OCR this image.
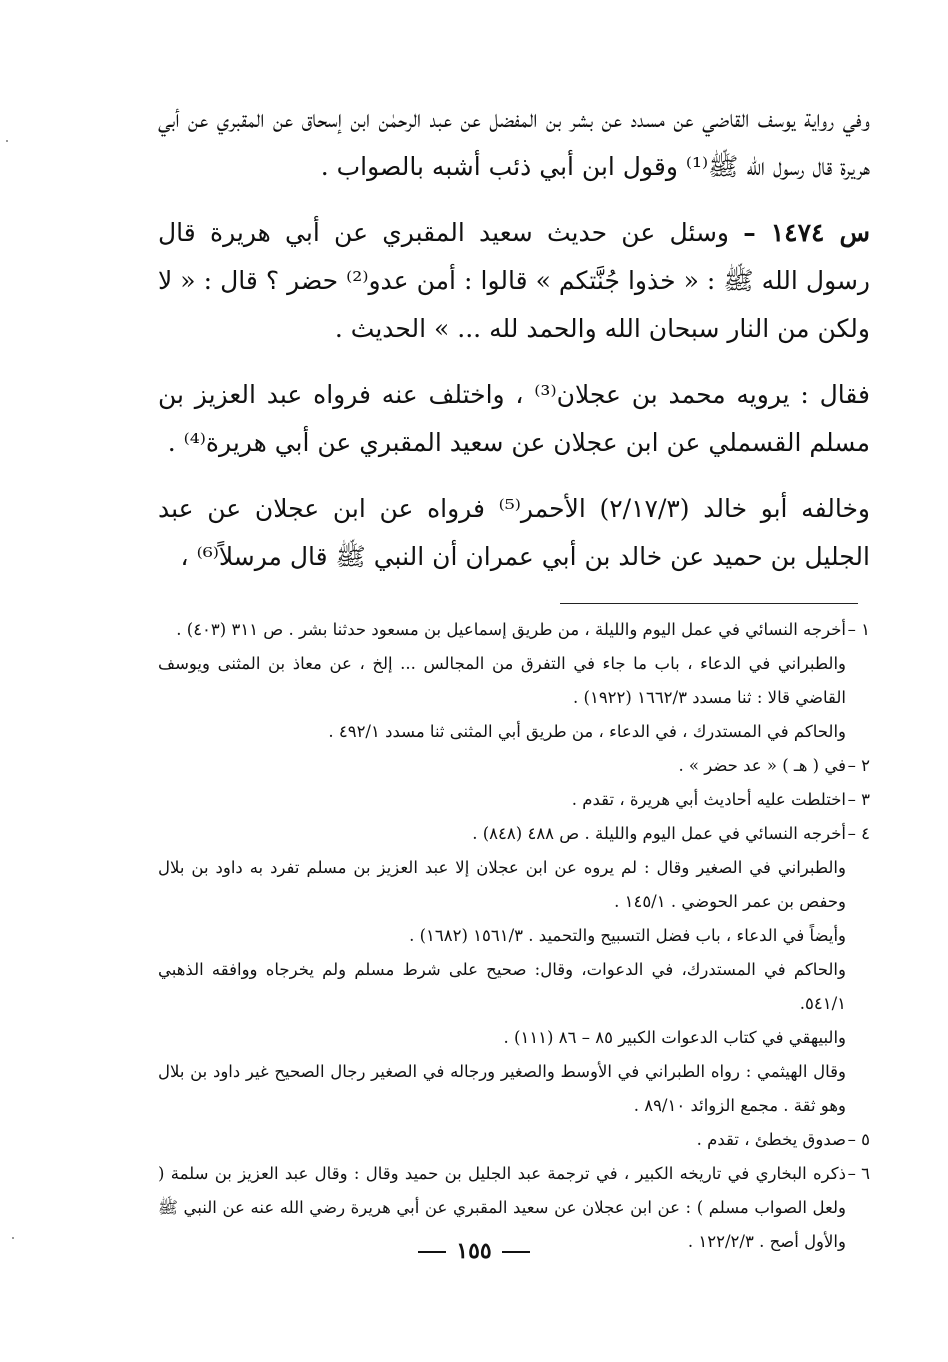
وفي رواية يوسف القاضي عن مسدد عن بشر بن المفضل عن عبد الرحمٰن ابن إسحاق عن المقبري عن أبي هريرة قال رسول الله ﷺ⁽¹⁾ وقول ابن أبي ذئب أشبه بالصواب .

س ١٤٧٤ – وسئل عن حديث سعيد المقبري عن أبي هريرة قال رسول الله ﷺ : « خذوا جُنَّتكم » قالوا : أمن عدو⁽²⁾ حضر ؟ قال : « لا ولكن من النار سبحان الله والحمد لله ... » الحديث .

فقال : يرويه محمد بن عجلان⁽³⁾ ، واختلف عنه فرواه عبد العزيز بن مسلم القسملي عن ابن عجلان عن سعيد المقبري عن أبي هريرة⁽⁴⁾ .

وخالفه أبو خالد (٢/١٧/٣) الأحمر⁽⁵⁾ فرواه عن ابن عجلان عن عبد الجليل بن حميد عن خالد بن أبي عمران أن النبي ﷺ قال مرسلاً⁽⁶⁾ ،

١ –
أخرجه النسائي في عمل اليوم والليلة ، من طريق إسماعيل بن مسعود حدثنا بشر . ص ٣١١ (٤٠٣) .
والطبراني في الدعاء ، باب ما جاء في التفرق من المجالس ... إلخ ، عن معاذ بن المثنى ويوسف القاضي قالا : ثنا مسدد ١٦٦٢/٣ (١٩٢٢) .
والحاكم في المستدرك ، في الدعاء ، من طريق أبي المثنى ثنا مسدد ٤٩٢/١ .
٢ –
في ( هـ ) « عد حضر » .
٣ –
اختلطت عليه أحاديث أبي هريرة ، تقدم .
٤ –
أخرجه النسائي في عمل اليوم والليلة . ص ٤٨٨ (٨٤٨) .
والطبراني في الصغير وقال : لم يروه عن ابن عجلان إلا عبد العزيز بن مسلم تفرد به داود بن بلال وحفص بن عمر الحوضي . ١٤٥/١ .
وأيضاً في الدعاء ، باب فضل التسبيح والتحميد . ١٥٦١/٣ (١٦٨٢) .
والحاكم في المستدرك، في الدعوات، وقال: صحيح على شرط مسلم ولم يخرجاه ووافقه الذهبي ٥٤١/١.
والبيهقي في كتاب الدعوات الكبير ٨٥ – ٨٦ (١١١) .
وقال الهيثمي : رواه الطبراني في الأوسط والصغير ورجاله في الصغير رجال الصحيح غير داود بن بلال وهو ثقة . مجمع الزوائد ٨٩/١٠ .
٥ –
صدوق يخطئ ، تقدم .
٦ –
ذكره البخاري في تاريخه الكبير ، في ترجمة عبد الجليل بن حميد وقال : وقال عبد العزيز بن سلمة ( ولعل الصواب مسلم ) : عن ابن عجلان عن سعيد المقبري عن أبي هريرة رضي الله عنه عن النبي ﷺ والأول أصح . ١٢٢/٢/٣ .
١٥٥
